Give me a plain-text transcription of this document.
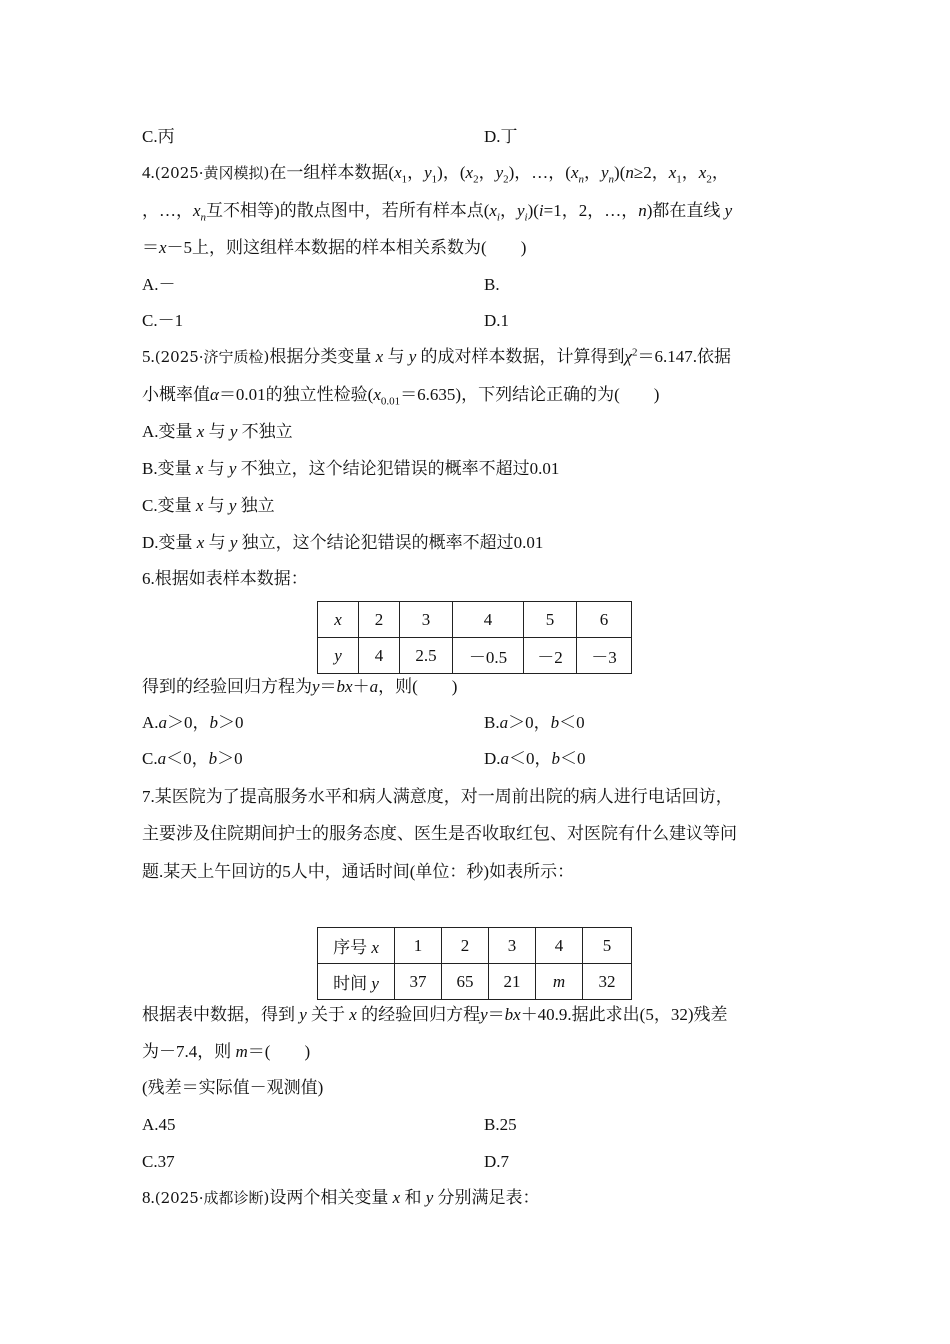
C.丙	D.丁
4.(2025·黄冈模拟)在一组样本数据($x_1$，$y_1$)，($x_2$，$y_2$)，…，($x_n$，$y_n)(n\ge 2$，$x_1$，$x_2$，
，…，$x_n$互不相等)的散点图中，若所有样本点($x_i$，$y_i)(i=1$，2，…，n)都在直线 y
＝x－5上，则这组样本数据的样本相关系数为(　　)
A.－	B.
C.－1	D.1
5.(2025·济宁质检)根据分类变量 x 与 y 的成对样本数据，计算得到$\chi^2=6.147$.依据
小概率值α＝0.01的独立性检验$(x_{0.01}=6.635)$，下列结论正确的为(　　)
A.变量 x 与 y 不独立
B.变量 x 与 y 不独立，这个结论犯错误的概率不超过0.01
C.变量 x 与 y 独立
D.变量 x 与 y 独立，这个结论犯错误的概率不超过0.01
6.根据如表样本数据：
x	2	3	4	5	6
y	4	2.5	－0.5	－2	－3
得到的经验回归方程为y＝bx＋a，则(　　)
A.a＞0，b＞0	B.a＞0，b＜0
C.a＜0，b＞0	D.a＜0，b＜0
7.某医院为了提高服务水平和病人满意度，对一周前出院的病人进行电话回访，
主要涉及住院期间护士的服务态度、医生是否收取红包、对医院有什么建议等问
题.某天上午回访的5人中，通话时间(单位：秒)如表所示：
序号 x	1	2	3	4	5
时间 y	37	65	21	m	32
根据表中数据，得到 y 关于 x 的经验回归方程y＝bx＋40.9.据此求出(5，32)残差
为－7.4，则 m＝(　　)
(残差＝实际值－观测值)
A.45	B.25
C.37	D.7
8.(2025·成都诊断)设两个相关变量 x 和 y 分别满足表：
